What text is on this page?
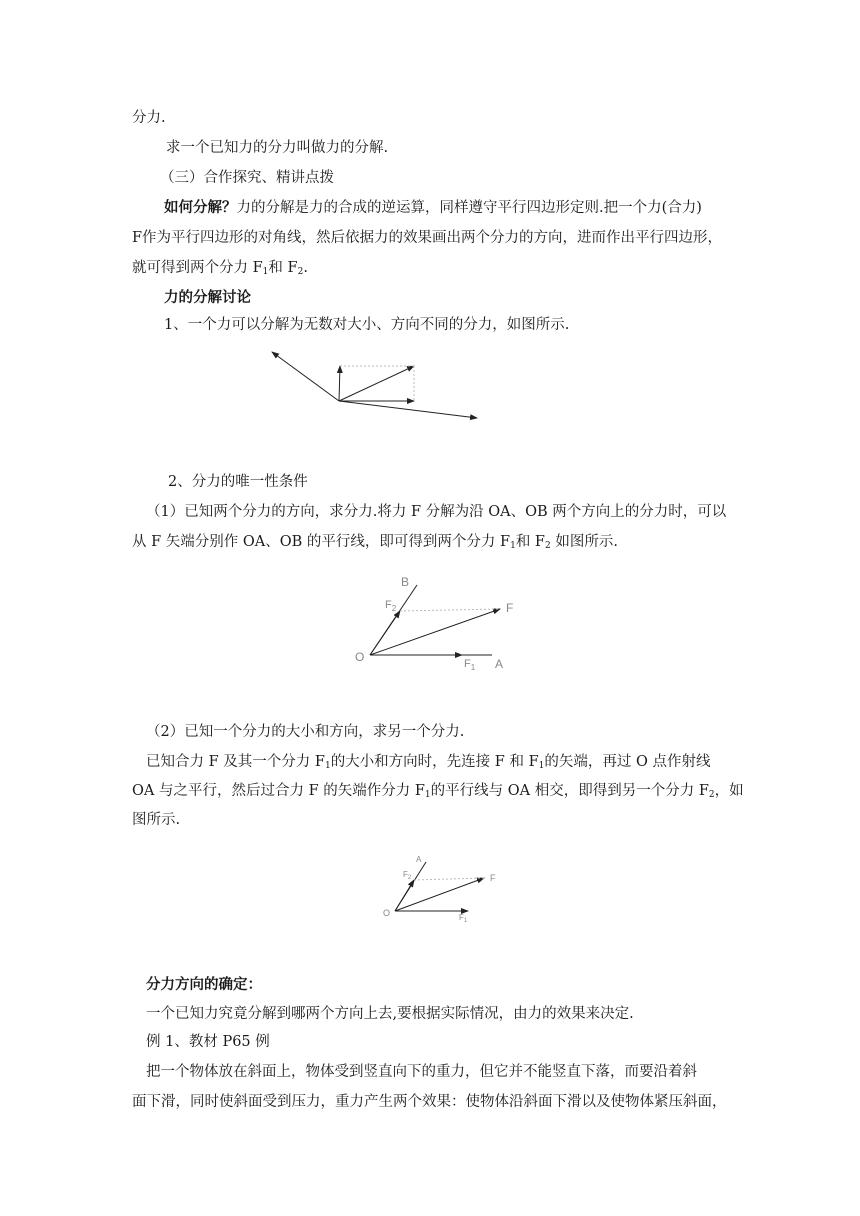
分力.
求一个已知力的分力叫做力的分解.
（三）合作探究、精讲点拨
如何分解？力的分解是力的合成的逆运算，同样遵守平行四边形定则.把一个力(合力)
F作为平行四边形的对角线，然后依据力的效果画出两个分力的方向，进而作出平行四边形，
就可得到两个分力 $F_1$和 $F_2$.
力的分解讨论
1、一个力可以分解为无数对大小、方向不同的分力，如图所示.
2、分力的唯一性条件
（1）已知两个分力的方向，求分力.将力 F 分解为沿 OA、OB 两个方向上的分力时，可以
从 F 矢端分别作 OA、OB 的平行线，即可得到两个分力 $F_1$和 $F_2$ 如图所示.
B
$F_2$	F
O	$F_1$ A
（2）已知一个分力的大小和方向，求另一个分力.
已知合力 F 及其一个分力 $F_1$的大小和方向时，先连接 F 和 $F_1$的矢端，再过 O 点作射线
OA 与之平行，然后过合力 F 的矢端作分力 $F_1$的平行线与 OA 相交，即得到另一个分力 $F_2$，如
图所示.
A
$F_2$	F
O	$F_1$
分力方向的确定：
一个已知力究竟分解到哪两个方向上去,要根据实际情况，由力的效果来决定.
例 1、教材 P65 例
把一个物体放在斜面上，物体受到竖直向下的重力，但它并不能竖直下落，而要沿着斜
面下滑，同时使斜面受到压力，重力产生两个效果：使物体沿斜面下滑以及使物体紧压斜面，
